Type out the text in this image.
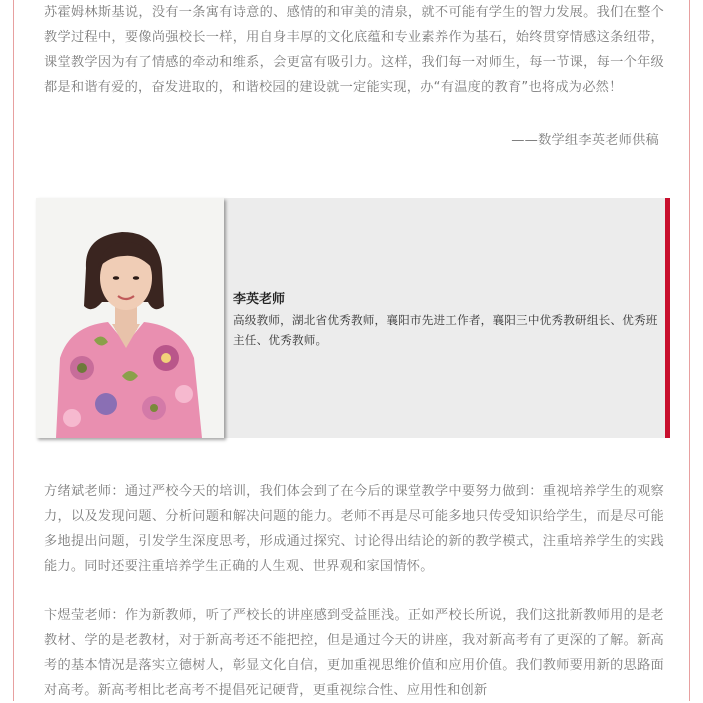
苏霍姆林斯基说，没有一条寓有诗意的、感情的和审美的清泉，就不可能有学生的智力发展。我们在整个教学过程中，要像尚强校长一样，用自身丰厚的文化底蕴和专业素养作为基石，始终贯穿情感这条纽带，课堂教学因为有了情感的牵动和维系，会更富有吸引力。这样，我们每一对师生，每一节课，每一个年级都是和谐有爱的，奋发进取的，和谐校园的建设就一定能实现，办“有温度的教育”也将成为必然！

——数学组李英老师供稿

李英老师

高级教师，湖北省优秀教师，襄阳市先进工作者，襄阳三中优秀教研组长、优秀班主任、优秀教师。

方绪斌老师：通过严校今天的培训，我们体会到了在今后的课堂教学中要努力做到：重视培养学生的观察力，以及发现问题、分析问题和解决问题的能力。老师不再是尽可能多地只传受知识给学生，而是尽可能多地提出问题，引发学生深度思考，形成通过探究、讨论得出结论的新的教学模式，注重培养学生的实践能力。同时还要注重培养学生正确的人生观、世界观和家国情怀。

卞煜莹老师：作为新教师，听了严校长的讲座感到受益匪浅。正如严校长所说，我们这批新教师用的是老教材、学的是老教材，对于新高考还不能把控，但是通过今天的讲座，我对新高考有了更深的了解。新高考的基本情况是落实立德树人，彰显文化自信，更加重视思维价值和应用价值。我们教师要用新的思路面对高考。新高考相比老高考不提倡死记硬背，更重视综合性、应用性和创新
